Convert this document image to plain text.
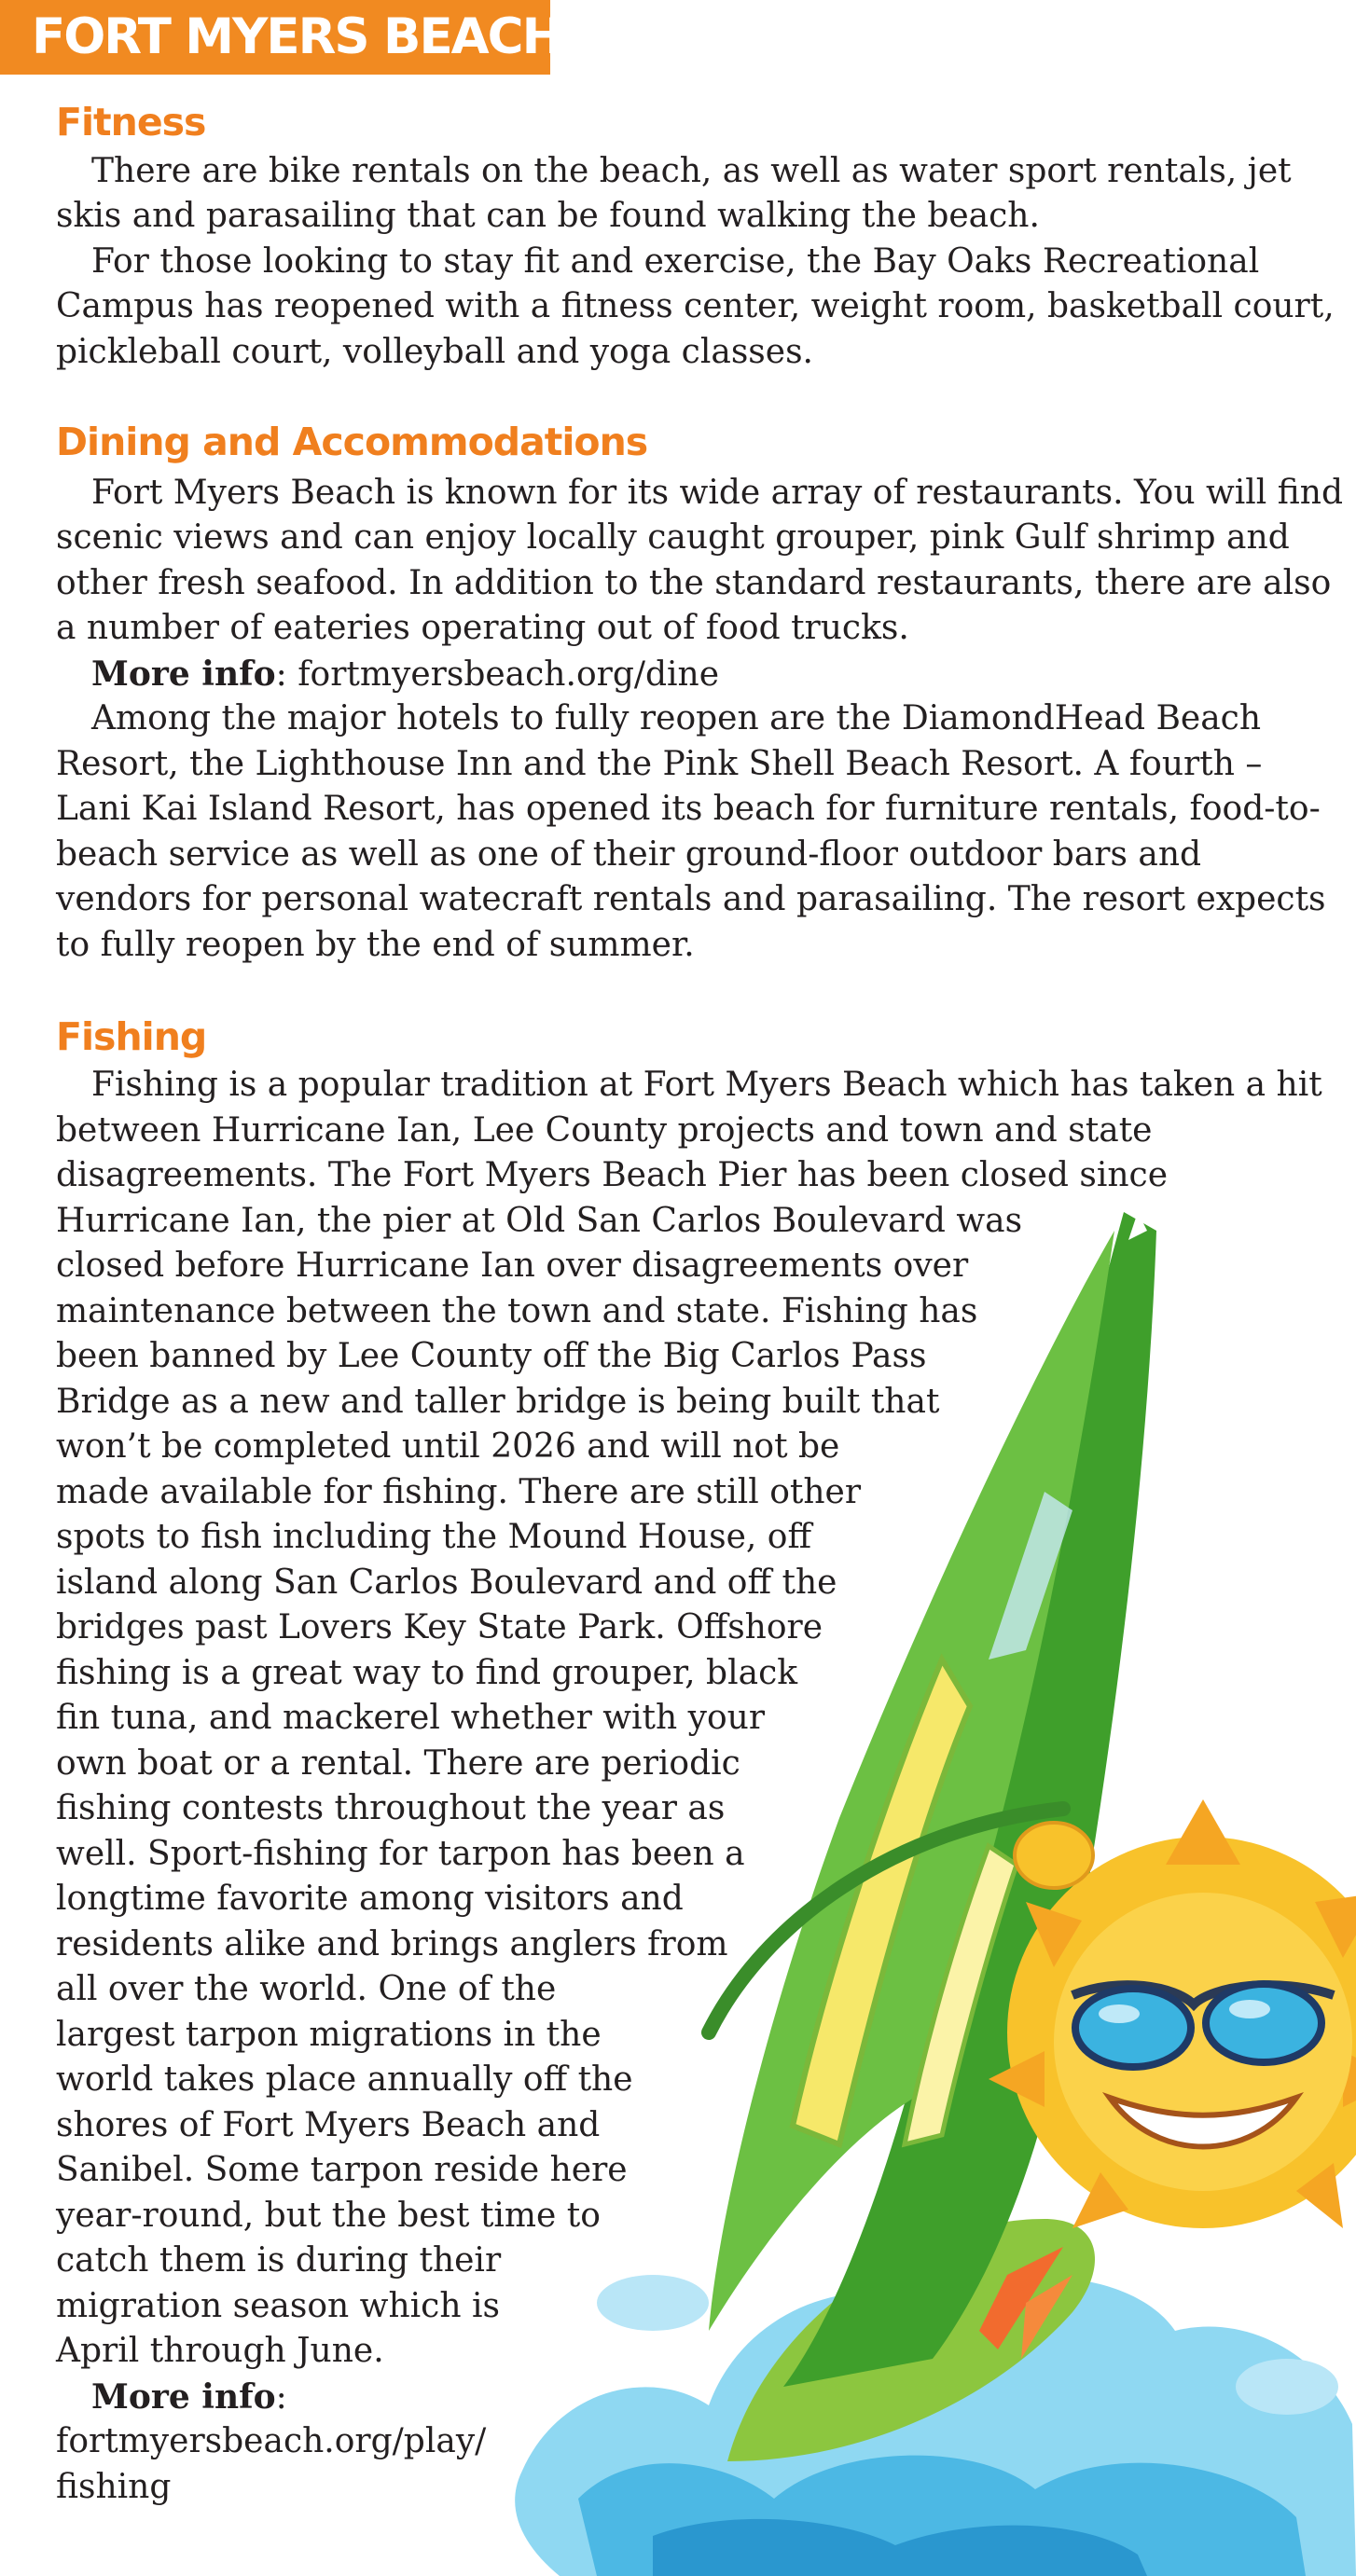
FORT MYERS BEACH
Fitness
There are bike rentals on the beach, as well as water sport rentals, jet
skis and parasailing that can be found walking the beach.
For those looking to stay fit and exercise, the Bay Oaks Recreational
Campus has reopened with a fitness center, weight room, basketball court,
pickleball court, volleyball and yoga classes.
Dining and Accommodations
Fort Myers Beach is known for its wide array of restaurants. You will find
scenic views and can enjoy locally caught grouper, pink Gulf shrimp and
other fresh seafood. In addition to the standard restaurants, there are also
a number of eateries operating out of food trucks.
More info: fortmyersbeach.org/dine
Among the major hotels to fully reopen are the DiamondHead Beach
Resort, the Lighthouse Inn and the Pink Shell Beach Resort. A fourth –
Lani Kai Island Resort, has opened its beach for furniture rentals, food-to-
beach service as well as one of their ground-floor outdoor bars and
vendors for personal watecraft rentals and parasailing. The resort expects
to fully reopen by the end of summer.
Fishing
Fishing is a popular tradition at Fort Myers Beach which has taken a hit
between Hurricane Ian, Lee County projects and town and state
disagreements. The Fort Myers Beach Pier has been closed since
Hurricane Ian, the pier at Old San Carlos Boulevard was
closed before Hurricane Ian over disagreements over
maintenance between the town and state. Fishing has
been banned by Lee County off the Big Carlos Pass
Bridge as a new and taller bridge is being built that
won’t be completed until 2026 and will not be
made available for fishing. There are still other
spots to fish including the Mound House, off
island along San Carlos Boulevard and off the
bridges past Lovers Key State Park. Offshore
fishing is a great way to find grouper, black
fin tuna, and mackerel whether with your
own boat or a rental. There are periodic
fishing contests throughout the year as
well. Sport-fishing for tarpon has been a
longtime favorite among visitors and
residents alike and brings anglers from
all over the world. One of the
largest tarpon migrations in the
world takes place annually off the
shores of Fort Myers Beach and
Sanibel. Some tarpon reside here
year-round, but the best time to
catch them is during their
migration season which is
April through June.
More info:
fortmyersbeach.org/play/
fishing
